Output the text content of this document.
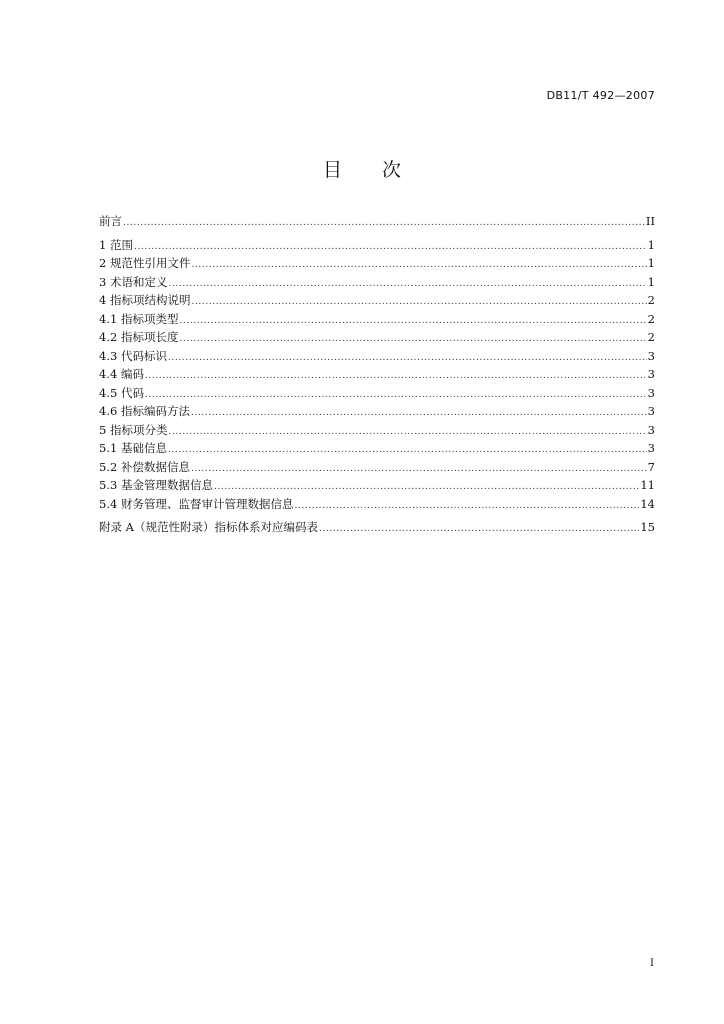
DB11/T 492—2007
目 次
前言 .....	II
1 范围 .....	1
2 规范性引用文件 .....	1
3 术语和定义 .....	1
4 指标项结构说明 .....	2
4.1 指标项类型 .....	2
4.2 指标项长度 .....	2
4.3 代码标识 .....	3
4.4 编码 .....	3
4.5 代码 .....	3
4.6 指标编码方法 .....	3
5 指标项分类 .....	3
5.1 基础信息 .....	3
5.2 补偿数据信息 .....	7
5.3 基金管理数据信息 .....	11
5.4 财务管理、监督审计管理数据信息 .....	14
附录 A（规范性附录）指标体系对应编码表 .....	15
I
